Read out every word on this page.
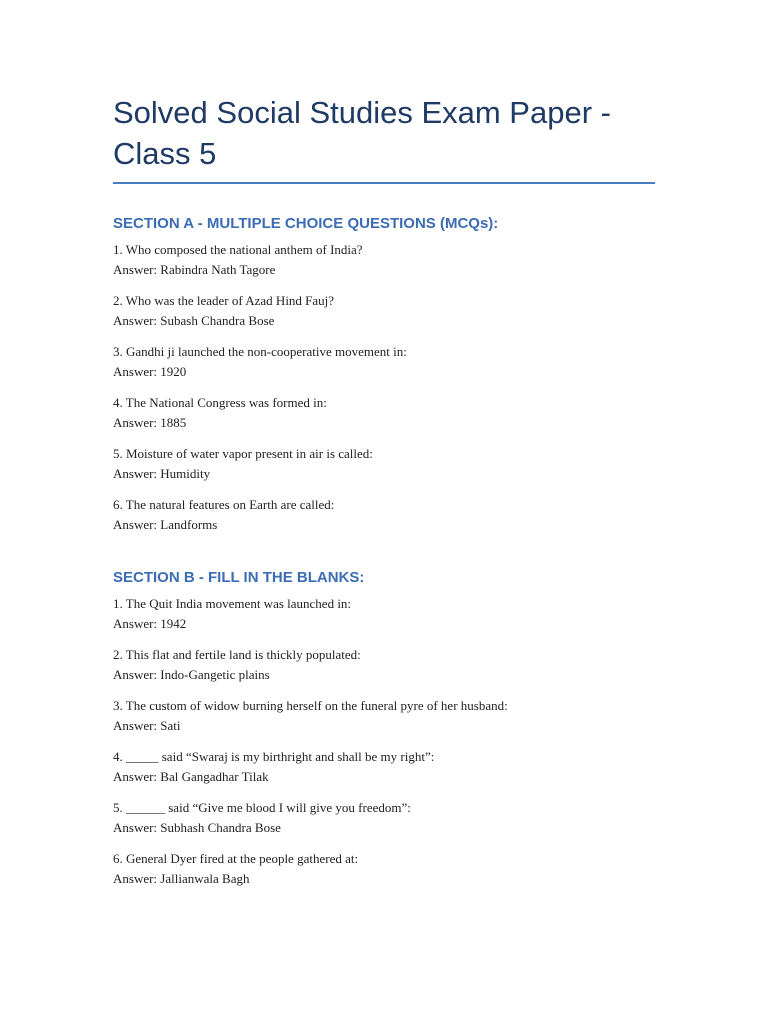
Solved Social Studies Exam Paper - Class 5
SECTION A - MULTIPLE CHOICE QUESTIONS (MCQs):
1. Who composed the national anthem of India?
Answer: Rabindra Nath Tagore
2. Who was the leader of Azad Hind Fauj?
Answer: Subash Chandra Bose
3. Gandhi ji launched the non-cooperative movement in:
Answer: 1920
4. The National Congress was formed in:
Answer: 1885
5. Moisture of water vapor present in air is called:
Answer: Humidity
6. The natural features on Earth are called:
Answer: Landforms
SECTION B - FILL IN THE BLANKS:
1. The Quit India movement was launched in:
Answer: 1942
2. This flat and fertile land is thickly populated:
Answer: Indo-Gangetic plains
3. The custom of widow burning herself on the funeral pyre of her husband:
Answer: Sati
4. _____ said “Swaraj is my birthright and shall be my right”:
Answer: Bal Gangadhar Tilak
5. ______ said “Give me blood I will give you freedom”:
Answer: Subhash Chandra Bose
6. General Dyer fired at the people gathered at:
Answer: Jallianwala Bagh
